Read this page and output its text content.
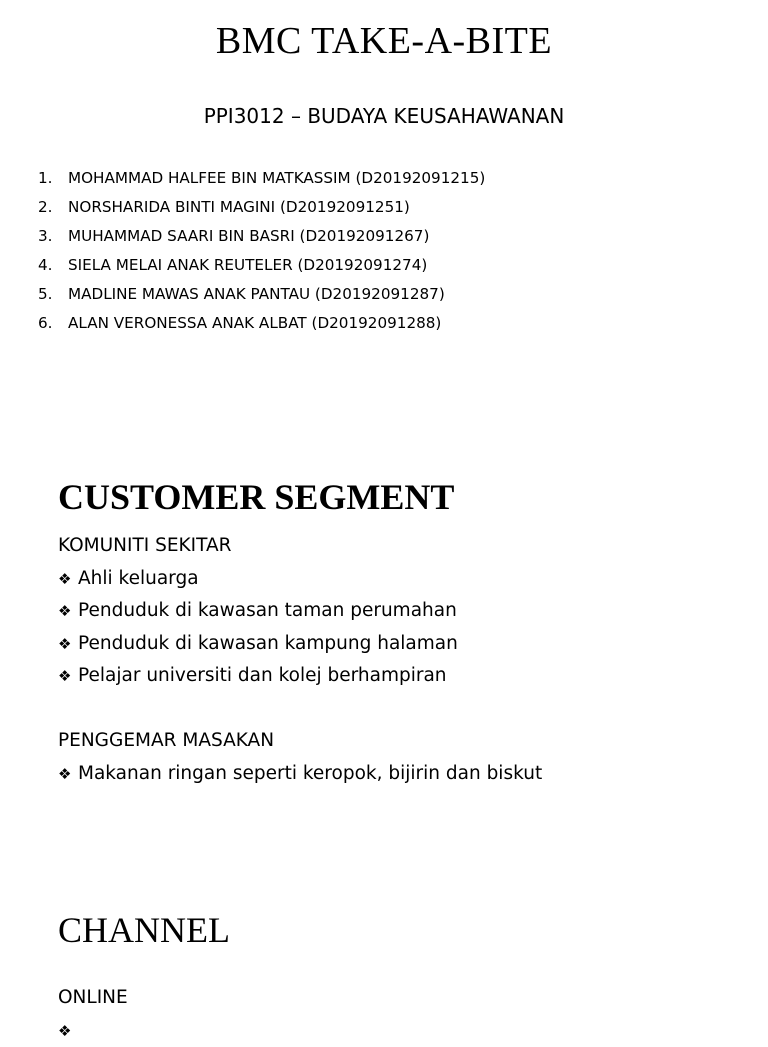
BMC TAKE-A-BITE
PPI3012 – BUDAYA KEUSAHAWANAN
1. MOHAMMAD HALFEE BIN MATKASSIM (D20192091215)
2. NORSHARIDA BINTI MAGINI (D20192091251)
3. MUHAMMAD SAARI BIN BASRI (D20192091267)
4. SIELA MELAI ANAK REUTELER (D20192091274)
5. MADLINE MAWAS ANAK PANTAU (D20192091287)
6. ALAN VERONESSA ANAK ALBAT (D20192091288)
CUSTOMER SEGMENT
KOMUNITI SEKITAR
❖ Ahli keluarga
❖ Penduduk di kawasan taman perumahan
❖ Penduduk di kawasan kampung halaman
❖ Pelajar universiti dan kolej berhampiran
PENGGEMAR MASAKAN
❖ Makanan ringan seperti keropok, bijirin dan biskut
CHANNEL
ONLINE
❖
